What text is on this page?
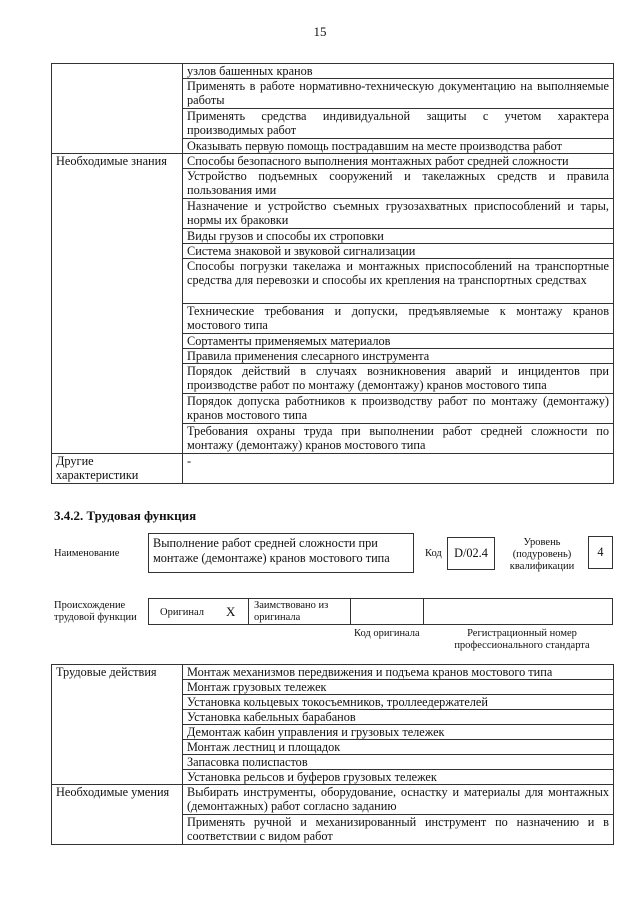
15
	узлов башенных кранов
	Применять в работе нормативно-техническую документацию на выполняемые работы
	Применять средства индивидуальной защиты с учетом характера производимых работ
	Оказывать первую помощь пострадавшим на месте производства работ
Необходимые знания	Способы безопасного выполнения монтажных работ средней сложности
	Устройство подъемных сооружений и такелажных средств и правила пользования ими
	Назначение и устройство съемных грузозахватных приспособлений и тары, нормы их браковки
	Виды грузов и способы их строповки
	Система знаковой и звуковой сигнализации
	Способы погрузки такелажа и монтажных приспособлений на транспортные средства для перевозки и способы их крепления на транспортных средствах
	Технические требования и допуски, предъявляемые к монтажу кранов мостового типа
	Сортаменты применяемых материалов
	Правила применения слесарного инструмента
	Порядок действий в случаях возникновения аварий и инцидентов при производстве работ по монтажу (демонтажу) кранов мостового типа
	Порядок допуска работников к производству работ по монтажу (демонтажу) кранов мостового типа
	Требования охраны труда при выполнении работ средней сложности по монтажу (демонтажу) кранов мостового типа
Другие характеристики	-
3.4.2. Трудовая функция
Наименование
Выполнение работ средней сложности при монтаже (демонтаже) кранов мостового типа	Код D/02.4
Уровень (подуровень) квалификации
4
Происхождение трудовой функции	Оригинал X Заимствовано из оригинала
Код оригинала	Регистрационный номер профессионального стандарта
Трудовые действия	Монтаж механизмов передвижения и подъема кранов мостового типа
	Монтаж грузовых тележек
	Установка кольцевых токосъемников, троллеедержателей
	Установка кабельных барабанов
	Демонтаж кабин управления и грузовых тележек
	Монтаж лестниц и площадок
	Запасовка полиспастов
	Установка рельсов и буферов грузовых тележек
Необходимые умения	Выбирать инструменты, оборудование, оснастку и материалы для монтажных (демонтажных) работ согласно заданию
	Применять ручной и механизированный инструмент по назначению и в соответствии с видом работ
